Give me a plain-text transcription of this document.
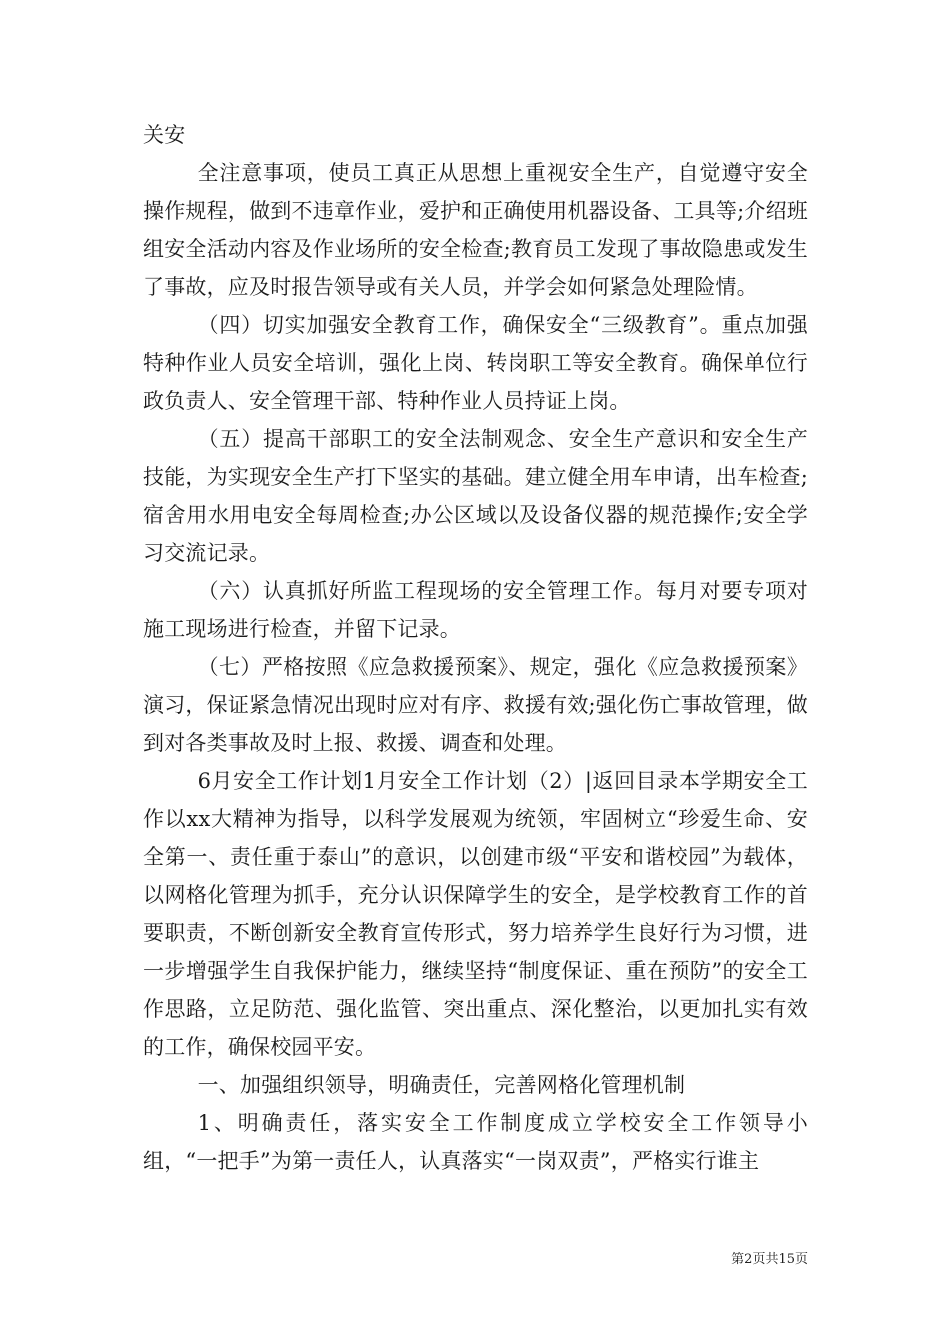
关安

全注意事项，使员工真正从思想上重视安全生产，自觉遵守安全操作规程，做到不违章作业，爱护和正确使用机器设备、工具等;介绍班组安全活动内容及作业场所的安全检查;教育员工发现了事故隐患或发生了事故，应及时报告领导或有关人员，并学会如何紧急处理险情。

（四）切实加强安全教育工作，确保安全“三级教育”。重点加强特种作业人员安全培训，强化上岗、转岗职工等安全教育。确保单位行政负责人、安全管理干部、特种作业人员持证上岗。

（五）提高干部职工的安全法制观念、安全生产意识和安全生产技能，为实现安全生产打下坚实的基础。建立健全用车申请，出车检查;宿舍用水用电安全每周检查;办公区域以及设备仪器的规范操作;安全学习交流记录。

（六）认真抓好所监工程现场的安全管理工作。每月对要专项对施工现场进行检查，并留下记录。

（七）严格按照《应急救援预案》、规定，强化《应急救援预案》演习，保证紧急情况出现时应对有序、救援有效;强化伤亡事故管理，做到对各类事故及时上报、救援、调查和处理。

6月安全工作计划1月安全工作计划（2）|返回目录本学期安全工作以xx大精神为指导，以科学发展观为统领，牢固树立“珍爱生命、安全第一、责任重于泰山”的意识，以创建市级“平安和谐校园”为载体，以网格化管理为抓手，充分认识保障学生的安全，是学校教育工作的首要职责，不断创新安全教育宣传形式，努力培养学生良好行为习惯，进一步增强学生自我保护能力，继续坚持“制度保证、重在预防”的安全工作思路，立足防范、强化监管、突出重点、深化整治，以更加扎实有效的工作，确保校园平安。

一、加强组织领导，明确责任，完善网格化管理机制

1、明确责任，落实安全工作制度成立学校安全工作领导小组，“一把手”为第一责任人，认真落实“一岗双责”，严格实行谁主

第2页共15页
